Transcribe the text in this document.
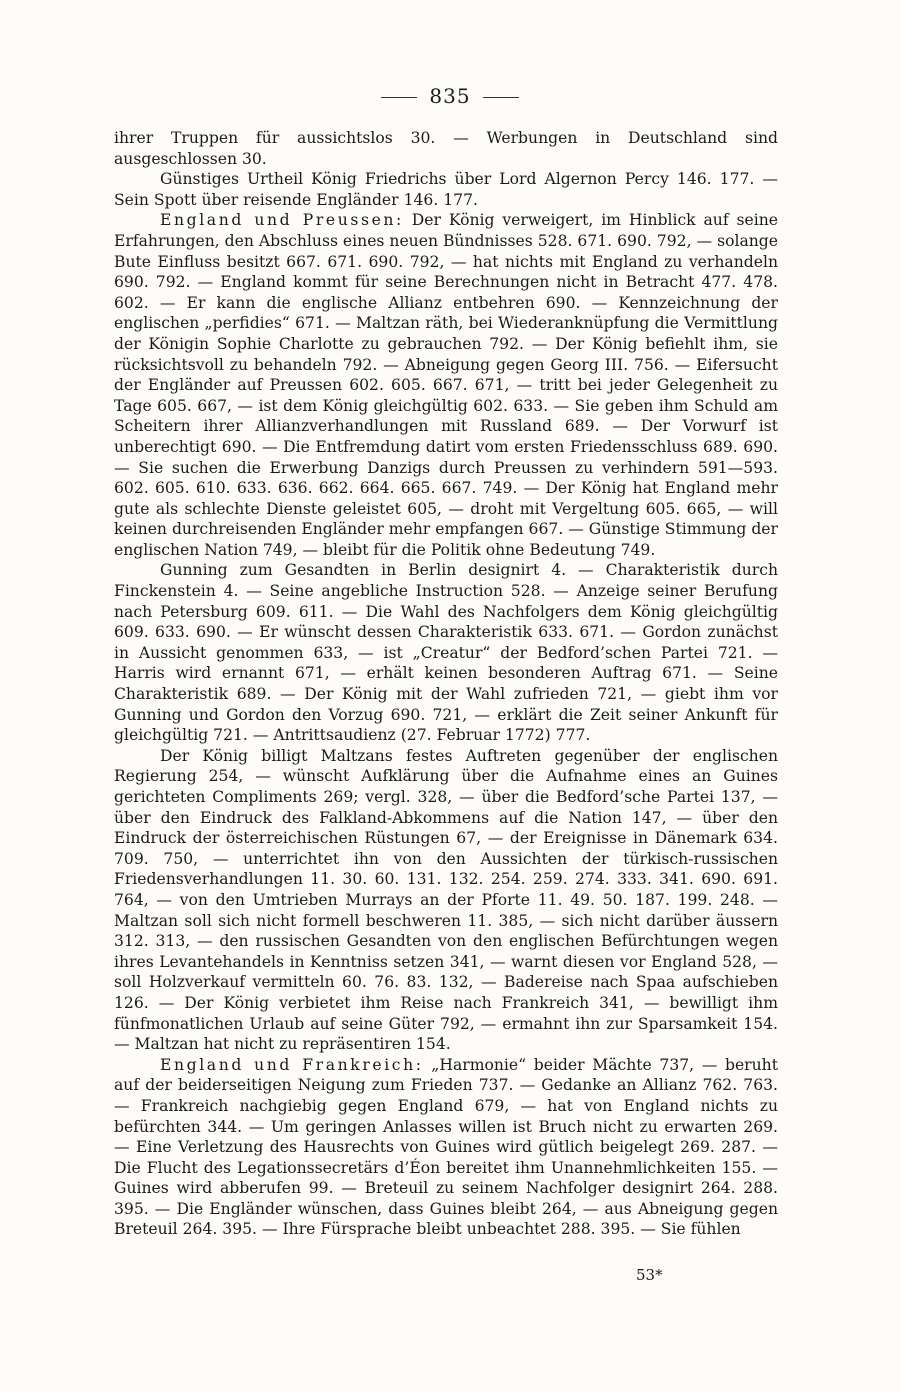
835

ihrer Truppen für aussichtslos 30. — Werbungen in Deutschland sind ausgeschlossen 30.

Günstiges Urtheil König Friedrichs über Lord Algernon Percy 146. 177. — Sein Spott über reisende Engländer 146. 177.

England und Preussen: Der König verweigert, im Hinblick auf seine Erfahrungen, den Abschluss eines neuen Bündnisses 528. 671. 690. 792, — solange Bute Einfluss besitzt 667. 671. 690. 792, — hat nichts mit England zu verhandeln 690. 792. — England kommt für seine Berechnungen nicht in Betracht 477. 478. 602. — Er kann die englische Allianz entbehren 690. — Kennzeichnung der englischen „perfidies“ 671. — Maltzan räth, bei Wiederanknüpfung die Vermittlung der Königin Sophie Charlotte zu gebrauchen 792. — Der König befiehlt ihm, sie rücksichtsvoll zu behandeln 792. — Abneigung gegen Georg III. 756. — Eifersucht der Engländer auf Preussen 602. 605. 667. 671, — tritt bei jeder Gelegenheit zu Tage 605. 667, — ist dem König gleichgültig 602. 633. — Sie geben ihm Schuld am Scheitern ihrer Allianzverhandlungen mit Russland 689. — Der Vorwurf ist unberechtigt 690. — Die Entfremdung datirt vom ersten Friedensschluss 689. 690. — Sie suchen die Erwerbung Danzigs durch Preussen zu verhindern 591—593. 602. 605. 610. 633. 636. 662. 664. 665. 667. 749. — Der König hat England mehr gute als schlechte Dienste geleistet 605, — droht mit Vergeltung 605. 665, — will keinen durchreisenden Engländer mehr empfangen 667. — Günstige Stimmung der englischen Nation 749, — bleibt für die Politik ohne Bedeutung 749.

Gunning zum Gesandten in Berlin designirt 4. — Charakteristik durch Finckenstein 4. — Seine angebliche Instruction 528. — Anzeige seiner Berufung nach Petersburg 609. 611. — Die Wahl des Nachfolgers dem König gleichgültig 609. 633. 690. — Er wünscht dessen Charakteristik 633. 671. — Gordon zunächst in Aussicht genommen 633, — ist „Creatur“ der Bedford’schen Partei 721. — Harris wird ernannt 671, — erhält keinen besonderen Auftrag 671. — Seine Charakteristik 689. — Der König mit der Wahl zufrieden 721, — giebt ihm vor Gunning und Gordon den Vorzug 690. 721, — erklärt die Zeit seiner Ankunft für gleichgültig 721. — Antrittsaudienz (27. Februar 1772) 777.

Der König billigt Maltzans festes Auftreten gegenüber der englischen Regierung 254, — wünscht Aufklärung über die Aufnahme eines an Guines gerichteten Compliments 269; vergl. 328, — über die Bedford’sche Partei 137, — über den Eindruck des Falkland-Abkommens auf die Nation 147, — über den Eindruck der österreichischen Rüstungen 67, — der Ereignisse in Dänemark 634. 709. 750, — unterrichtet ihn von den Aussichten der türkisch-russischen Friedensverhandlungen 11. 30. 60. 131. 132. 254. 259. 274. 333. 341. 690. 691. 764, — von den Umtrieben Murrays an der Pforte 11. 49. 50. 187. 199. 248. — Maltzan soll sich nicht formell beschweren 11. 385, — sich nicht darüber äussern 312. 313, — den russischen Gesandten von den englischen Befürchtungen wegen ihres Levantehandels in Kenntniss setzen 341, — warnt diesen vor England 528, — soll Holzverkauf vermitteln 60. 76. 83. 132, — Badereise nach Spaa aufschieben 126. — Der König verbietet ihm Reise nach Frankreich 341, — bewilligt ihm fünfmonatlichen Urlaub auf seine Güter 792, — ermahnt ihn zur Sparsamkeit 154. — Maltzan hat nicht zu repräsentiren 154.

England und Frankreich: „Harmonie“ beider Mächte 737, — beruht auf der beiderseitigen Neigung zum Frieden 737. — Gedanke an Allianz 762. 763. — Frankreich nachgiebig gegen England 679, — hat von England nichts zu befürchten 344. — Um geringen Anlasses willen ist Bruch nicht zu erwarten 269. — Eine Verletzung des Hausrechts von Guines wird gütlich beigelegt 269. 287. — Die Flucht des Legationssecretärs d’Éon bereitet ihm Unannehmlichkeiten 155. — Guines wird abberufen 99. — Breteuil zu seinem Nachfolger designirt 264. 288. 395. — Die Engländer wünschen, dass Guines bleibt 264, — aus Abneigung gegen Breteuil 264. 395. — Ihre Fürsprache bleibt unbeachtet 288. 395. — Sie fühlen

53*
